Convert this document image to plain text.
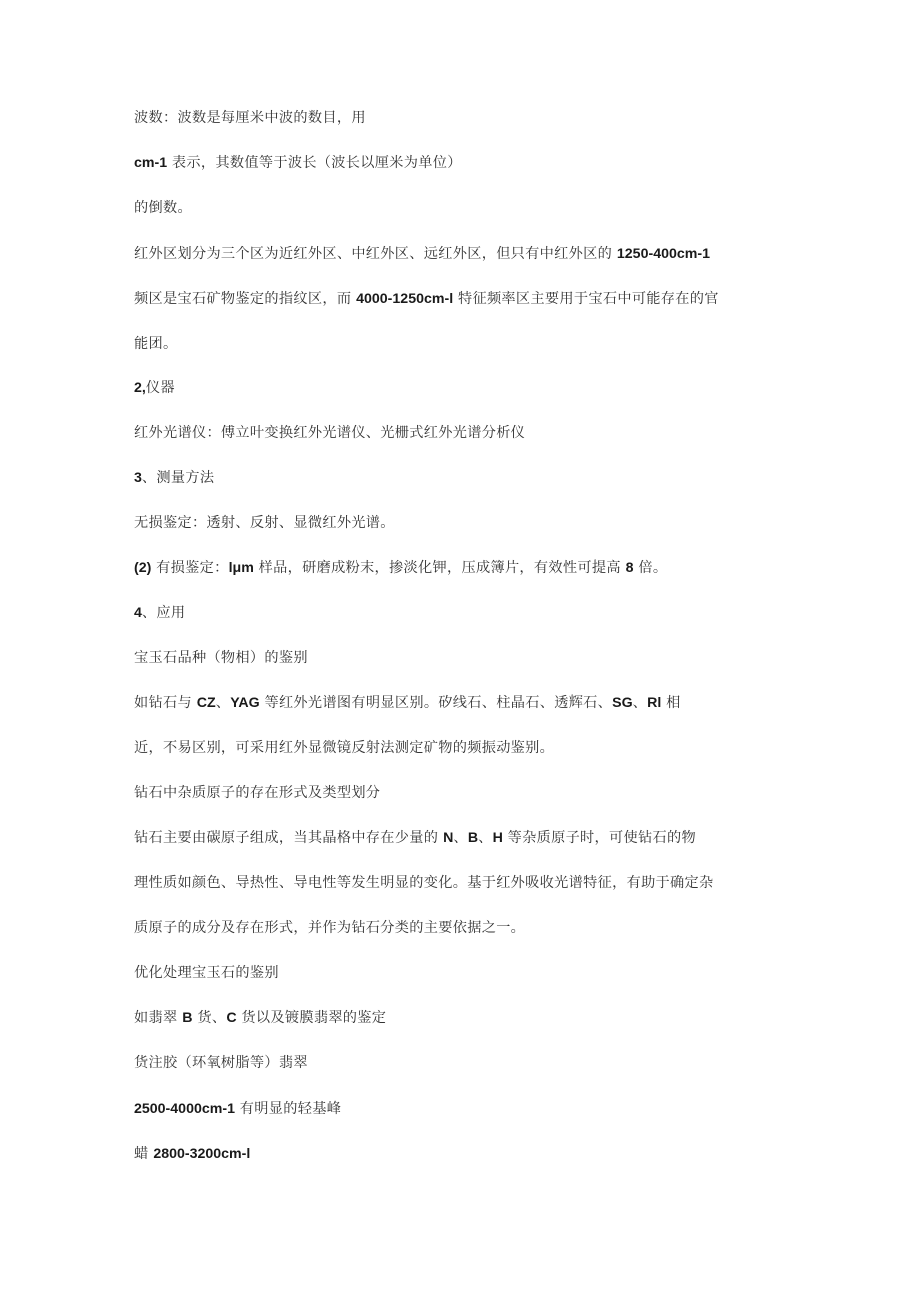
波数：波数是每厘米中波的数目，用
cm-1 表示，其数值等于波长（波长以厘米为单位）
的倒数。
红外区划分为三个区为近红外区、中红外区、远红外区，但只有中红外区的 1250-400cm-1
频区是宝石矿物鉴定的指纹区，而 4000-1250cm-l 特征频率区主要用于宝石中可能存在的官
能团。
2,仪器
红外光谱仪：傅立叶变换红外光谱仪、光栅式红外光谱分析仪
3、测量方法
无损鉴定：透射、反射、显微红外光谱。
(2) 有损鉴定：lμm 样品，研磨成粉末，掺淡化钾，压成簿片，有效性可提高 8 倍。
4、应用
宝玉石品种（物相）的鉴别
如钻石与 CZ、YAG 等红外光谱图有明显区别。矽线石、柱晶石、透辉石、SG、Rl 相
近，不易区别，可采用红外显微镜反射法测定矿物的频振动鉴别。
钻石中杂质原子的存在形式及类型划分
钻石主要由碳原子组成，当其晶格中存在少量的 N、B、H 等杂质原子时，可使钻石的物
理性质如颜色、导热性、导电性等发生明显的变化。基于红外吸收光谱特征，有助于确定杂
质原子的成分及存在形式，并作为钻石分类的主要依据之一。
优化处理宝玉石的鉴别
如翡翠 B 货、C 货以及镀膜翡翠的鉴定
货注胶（环氧树脂等）翡翠
2500-4000cm-1 有明显的轻基峰
蜡 2800-3200cm-l
